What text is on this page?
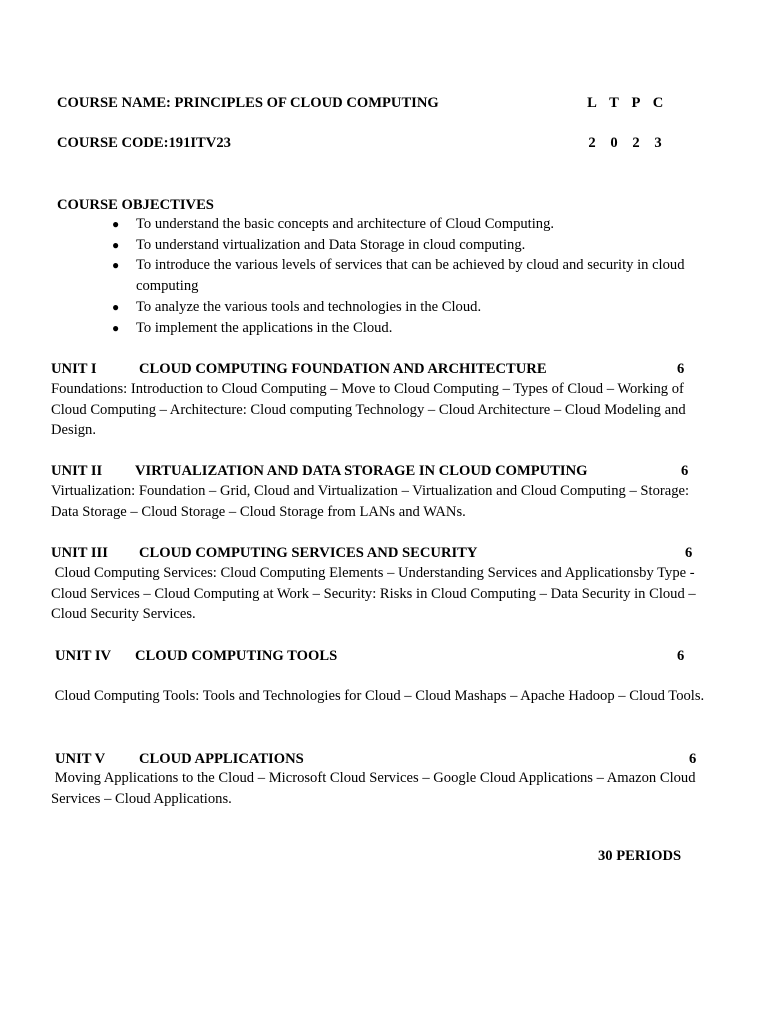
COURSE NAME: PRINCIPLES OF CLOUD COMPUTING	L T P C
COURSE CODE:191ITV23	2 0 2 3
COURSE OBJECTIVES
● To understand the basic concepts and architecture of Cloud Computing.
● To understand virtualization and Data Storage in cloud computing.
● To introduce the various levels of services that can be achieved by cloud and security in cloud computing
● To analyze the various tools and technologies in the Cloud.
● To implement the applications in the Cloud.
UNIT I	CLOUD COMPUTING FOUNDATION AND ARCHITECTURE	6
Foundations: Introduction to Cloud Computing – Move to Cloud Computing – Types of Cloud – Working of Cloud Computing – Architecture: Cloud computing Technology – Cloud Architecture – Cloud Modeling and Design.
UNIT II VIRTUALIZATION AND DATA STORAGE IN CLOUD COMPUTING	6
Virtualization: Foundation – Grid, Cloud and Virtualization – Virtualization and Cloud Computing – Storage: Data Storage – Cloud Storage – Cloud Storage from LANs and WANs.
UNIT III CLOUD COMPUTING SERVICES AND SECURITY	6
Cloud Computing Services: Cloud Computing Elements – Understanding Services and Applicationsby Type -  Cloud Services – Cloud Computing at Work – Security: Risks in Cloud Computing – Data Security in Cloud – Cloud Security Services.
UNIT IV CLOUD COMPUTING TOOLS	6
Cloud Computing Tools: Tools and Technologies for Cloud – Cloud Mashaps – Apache Hadoop – Cloud Tools.
UNIT V CLOUD APPLICATIONS	6
Moving Applications to the Cloud – Microsoft Cloud Services – Google Cloud Applications – Amazon Cloud Services – Cloud Applications.
30 PERIODS
